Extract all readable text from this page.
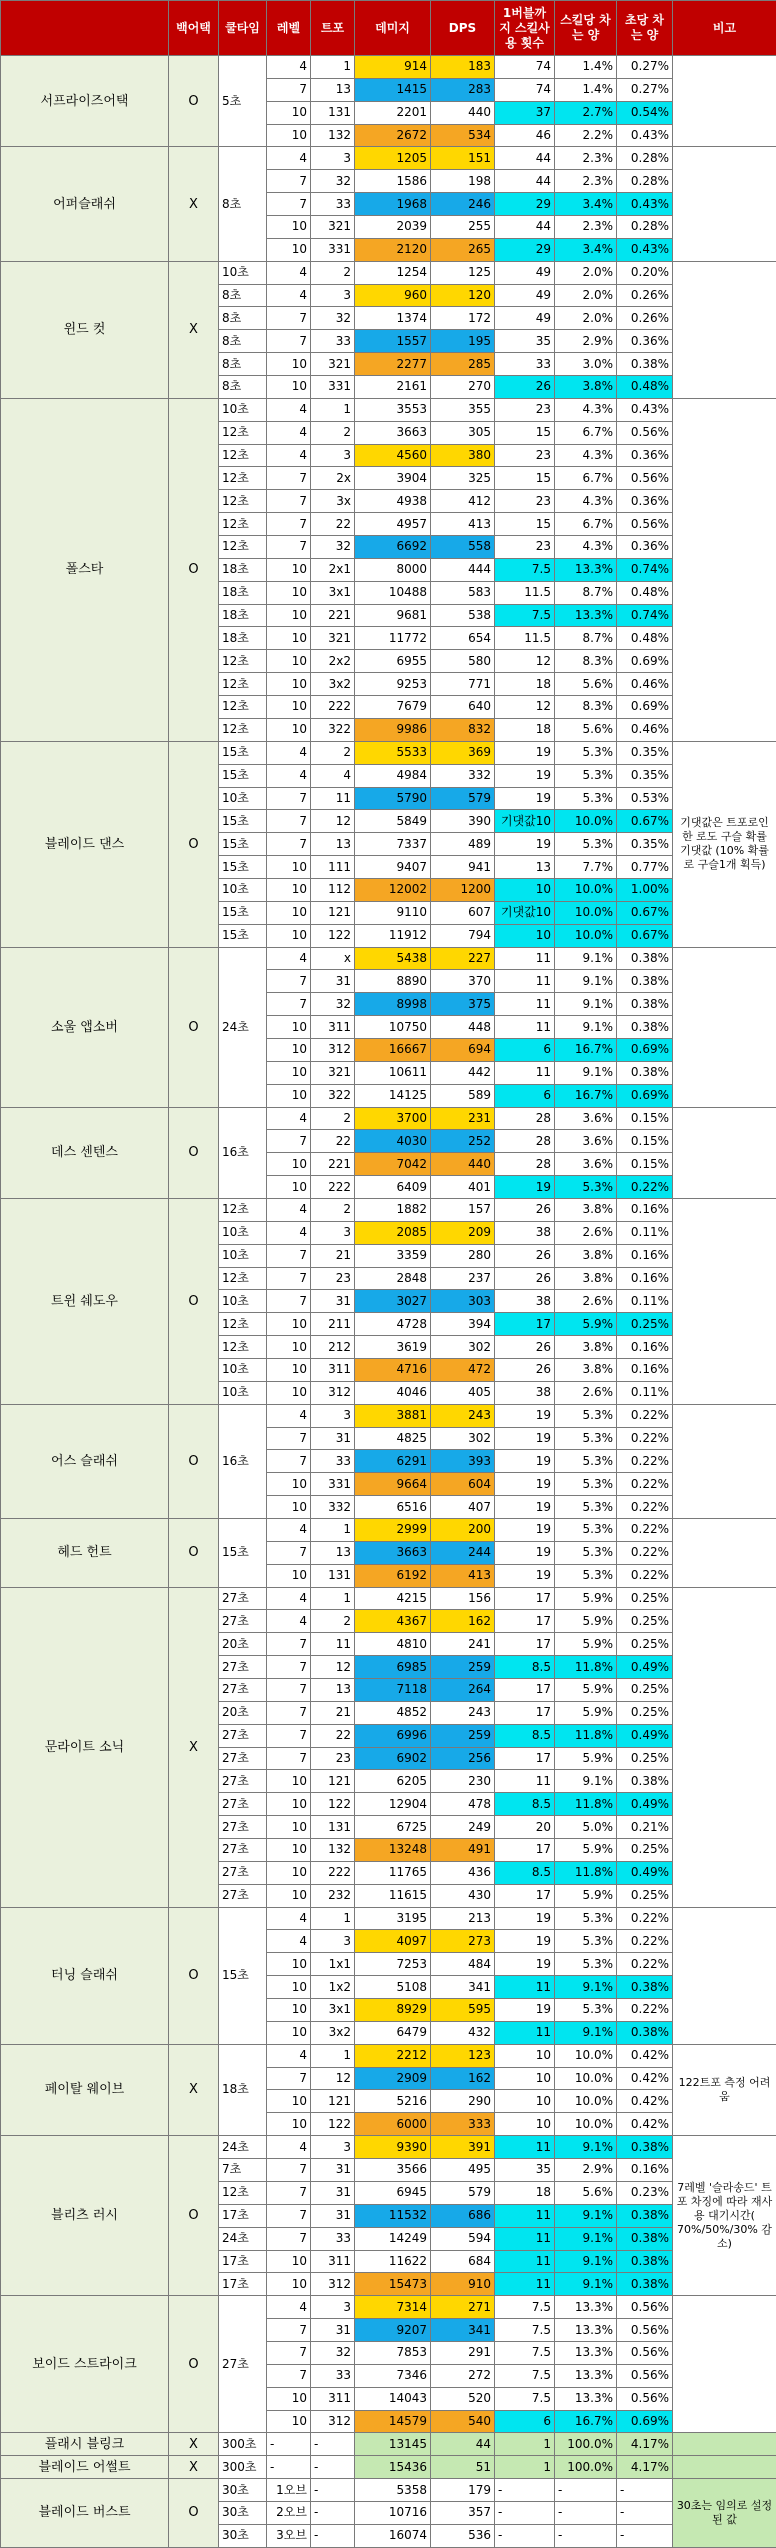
	백어택	쿨타임	레벨	트포	데미지	DPS	1버블까지 스킬사용 횟수	스킬당 차는 양	초당 차는 양	비고
서프라이즈어택	O	5초	4	1	914	183	74	1.4%	0.27%	
			7	13	1415	283	74	1.4%	0.27%	
			10	131	2201	440	37	2.7%	0.54%	
			10	132	2672	534	46	2.2%	0.43%	
어퍼슬래쉬	X	8초	4	3	1205	151	44	2.3%	0.28%	
			7	32	1586	198	44	2.3%	0.28%	
			7	33	1968	246	29	3.4%	0.43%	
			10	321	2039	255	44	2.3%	0.28%	
			10	331	2120	265	29	3.4%	0.43%	
윈드 컷	X	10초	4	2	1254	125	49	2.0%	0.20%	
		8초	4	3	960	120	49	2.0%	0.26%	
		8초	7	32	1374	172	49	2.0%	0.26%	
		8초	7	33	1557	195	35	2.9%	0.36%	
		8초	10	321	2277	285	33	3.0%	0.38%	
		8초	10	331	2161	270	26	3.8%	0.48%	
폴스타	O	10초	4	1	3553	355	23	4.3%	0.43%	
		12초	4	2	3663	305	15	6.7%	0.56%	
		12초	4	3	4560	380	23	4.3%	0.36%	
		12초	7	2x	3904	325	15	6.7%	0.56%	
		12초	7	3x	4938	412	23	4.3%	0.36%	
		12초	7	22	4957	413	15	6.7%	0.56%	
		12초	7	32	6692	558	23	4.3%	0.36%	
		18초	10	2x1	8000	444	7.5	13.3%	0.74%	
		18초	10	3x1	10488	583	11.5	8.7%	0.48%	
		18초	10	221	9681	538	7.5	13.3%	0.74%	
		18초	10	321	11772	654	11.5	8.7%	0.48%	
		12초	10	2x2	6955	580	12	8.3%	0.69%	
		12초	10	3x2	9253	771	18	5.6%	0.46%	
		12초	10	222	7679	640	12	8.3%	0.69%	
		12초	10	322	9986	832	18	5.6%	0.46%	
블레이드 댄스	O	15초	4	2	5533	369	19	5.3%	0.35%	기댓값은 트포로인한 로도 구슬 확률 기댓값 (10% 확률로 구슬1개 획득)
		15초	4	4	4984	332	19	5.3%	0.35%	
		10초	7	11	5790	579	19	5.3%	0.53%	
		15초	7	12	5849	390	기댓값10	10.0%	0.67%	
		15초	7	13	7337	489	19	5.3%	0.35%	
		15초	10	111	9407	941	13	7.7%	0.77%	
		10초	10	112	12002	1200	10	10.0%	1.00%	
		15초	10	121	9110	607	기댓값10	10.0%	0.67%	
		15초	10	122	11912	794	10	10.0%	0.67%	
소울 앱소버	O	24초	4	x	5438	227	11	9.1%	0.38%	
			7	31	8890	370	11	9.1%	0.38%	
			7	32	8998	375	11	9.1%	0.38%	
			10	311	10750	448	11	9.1%	0.38%	
			10	312	16667	694	6	16.7%	0.69%	
			10	321	10611	442	11	9.1%	0.38%	
			10	322	14125	589	6	16.7%	0.69%	
데스 센텐스	O	16초	4	2	3700	231	28	3.6%	0.15%	
			7	22	4030	252	28	3.6%	0.15%	
			10	221	7042	440	28	3.6%	0.15%	
			10	222	6409	401	19	5.3%	0.22%	
트윈 쉐도우	O	12초	4	2	1882	157	26	3.8%	0.16%	
		10초	4	3	2085	209	38	2.6%	0.11%	
		10초	7	21	3359	280	26	3.8%	0.16%	
		12초	7	23	2848	237	26	3.8%	0.16%	
		10초	7	31	3027	303	38	2.6%	0.11%	
		12초	10	211	4728	394	17	5.9%	0.25%	
		12초	10	212	3619	302	26	3.8%	0.16%	
		10초	10	311	4716	472	26	3.8%	0.16%	
		10초	10	312	4046	405	38	2.6%	0.11%	
어스 슬래쉬	O	16초	4	3	3881	243	19	5.3%	0.22%	
			7	31	4825	302	19	5.3%	0.22%	
			7	33	6291	393	19	5.3%	0.22%	
			10	331	9664	604	19	5.3%	0.22%	
			10	332	6516	407	19	5.3%	0.22%	
헤드 헌트	O	15초	4	1	2999	200	19	5.3%	0.22%	
			7	13	3663	244	19	5.3%	0.22%	
			10	131	6192	413	19	5.3%	0.22%	
문라이트 소닉	X	27초	4	1	4215	156	17	5.9%	0.25%	
		27초	4	2	4367	162	17	5.9%	0.25%	
		20초	7	11	4810	241	17	5.9%	0.25%	
		27초	7	12	6985	259	8.5	11.8%	0.49%	
		27초	7	13	7118	264	17	5.9%	0.25%	
		20초	7	21	4852	243	17	5.9%	0.25%	
		27초	7	22	6996	259	8.5	11.8%	0.49%	
		27초	7	23	6902	256	17	5.9%	0.25%	
		27초	10	121	6205	230	11	9.1%	0.38%	
		27초	10	122	12904	478	8.5	11.8%	0.49%	
		27초	10	131	6725	249	20	5.0%	0.21%	
		27초	10	132	13248	491	17	5.9%	0.25%	
		27초	10	222	11765	436	8.5	11.8%	0.49%	
		27초	10	232	11615	430	17	5.9%	0.25%	
터닝 슬래쉬	O	15초	4	1	3195	213	19	5.3%	0.22%	
			4	3	4097	273	19	5.3%	0.22%	
			10	1x1	7253	484	19	5.3%	0.22%	
			10	1x2	5108	341	11	9.1%	0.38%	
			10	3x1	8929	595	19	5.3%	0.22%	
			10	3x2	6479	432	11	9.1%	0.38%	
페이탈 웨이브	X	18초	4	1	2212	123	10	10.0%	0.42%	122트포 측정 어려움
			7	12	2909	162	10	10.0%	0.42%	
			10	121	5216	290	10	10.0%	0.42%	
			10	122	6000	333	10	10.0%	0.42%	
블리츠 러시	O	24초	4	3	9390	391	11	9.1%	0.38%	7레벨 '슬라송드' 트포 차징에 따라 재사용 대기시간( 70%/50%/30% 감소)
		7초	7	31	3566	495	35	2.9%	0.16%	
		12초	7	31	6945	579	18	5.6%	0.23%	
		17초	7	31	11532	686	11	9.1%	0.38%	
		24초	7	33	14249	594	11	9.1%	0.38%	
		17초	10	311	11622	684	11	9.1%	0.38%	
		17초	10	312	15473	910	11	9.1%	0.38%	
보이드 스트라이크	O	27초	4	3	7314	271	7.5	13.3%	0.56%	
			7	31	9207	341	7.5	13.3%	0.56%	
			7	32	7853	291	7.5	13.3%	0.56%	
			7	33	7346	272	7.5	13.3%	0.56%	
			10	311	14043	520	7.5	13.3%	0.56%	
			10	312	14579	540	6	16.7%	0.69%	
플래시 블링크	X	300초	-	-	13145	44	1	100.0%	4.17%	
블레이드 어썰트	X	300초	-	-	15436	51	1	100.0%	4.17%	
블레이드 버스트	O	30초	1오브	-	5358	179	-	-	-	30초는 임의로 설정된 값
		30초	2오브	-	10716	357	-	-	-	
		30초	3오브	-	16074	536	-	-	-	
